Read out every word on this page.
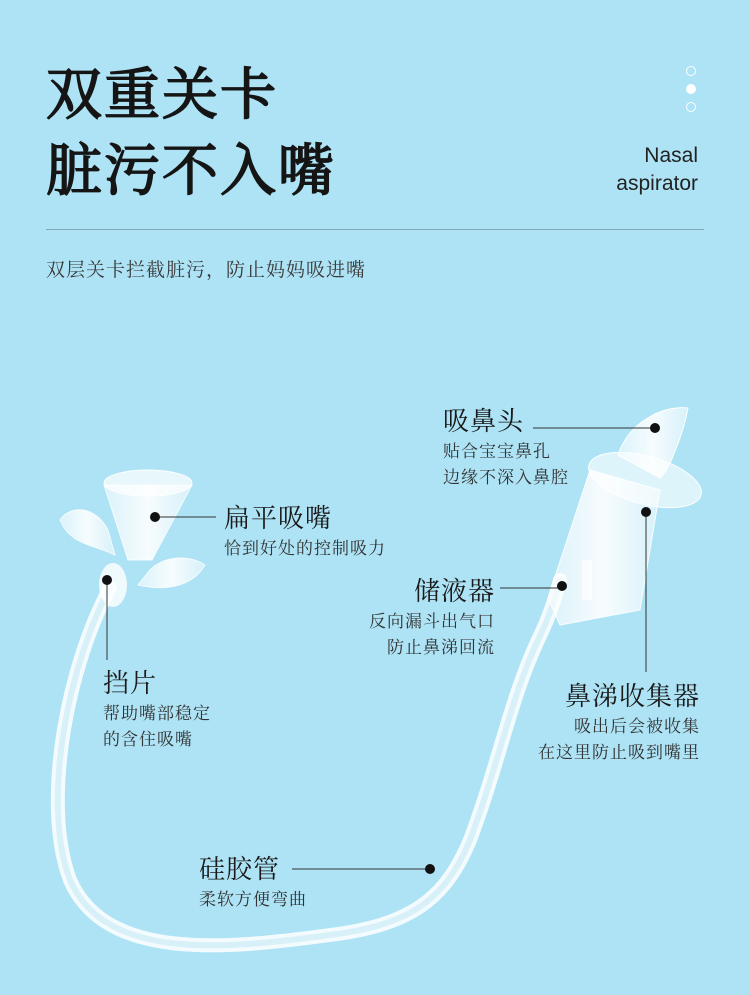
双重关卡
脏污不入嘴	Nasal
aspirator
双层关卡拦截脏污，防止妈妈吸进嘴
吸鼻头
贴合宝宝鼻孔
边缘不深入鼻腔
扁平吸嘴
恰到好处的控制吸力
储液器
反向漏斗出气口
防止鼻涕回流
鼻涕收集器
吸出后会被收集
在这里防止吸到嘴里
挡片
帮助嘴部稳定
的含住吸嘴
硅胶管
柔软方便弯曲
